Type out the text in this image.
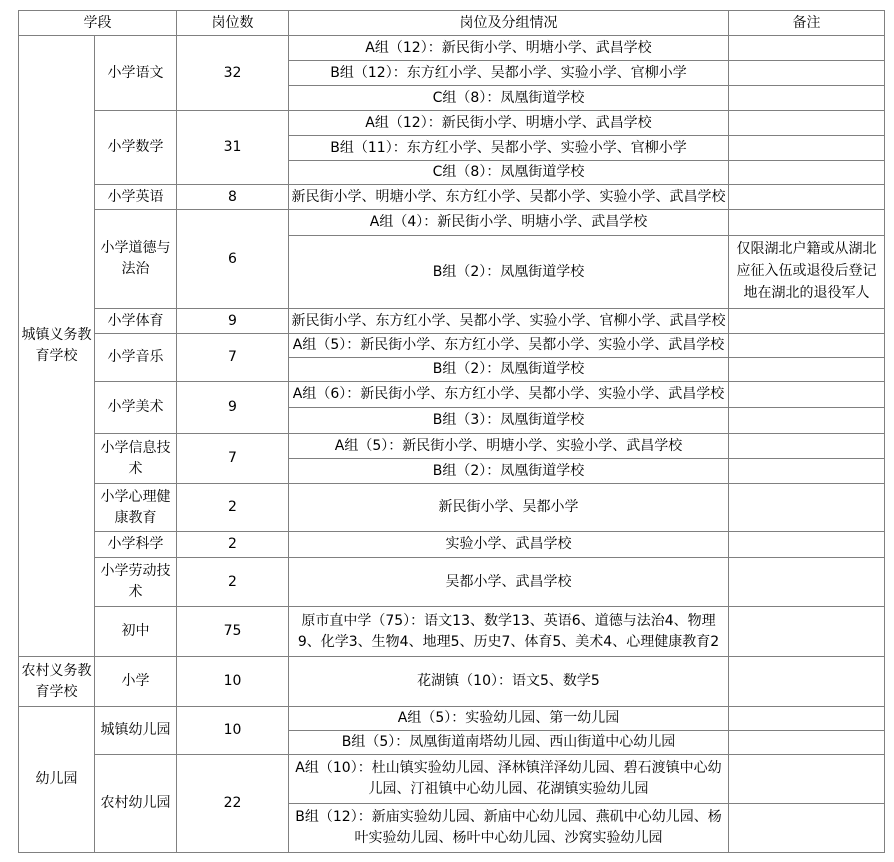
学段		岗位数	岗位及分组情况	备注
城镇义务教育学校	小学语文	32	A组（12）：新民街小学、明塘小学、武昌学校	
			B组（12）：东方红小学、吴都小学、实验小学、官柳小学	
			C组（8）：凤凰街道学校	
	小学数学	31	A组（12）：新民街小学、明塘小学、武昌学校	
			B组（11）：东方红小学、吴都小学、实验小学、官柳小学	
			C组（8）：凤凰街道学校	
	小学英语	8	新民街小学、明塘小学、东方红小学、吴都小学、实验小学、武昌学校	
	小学道德与法治	6	A组（4）：新民街小学、明塘小学、武昌学校	
			B组（2）：凤凰街道学校	仅限湖北户籍或从湖北应征入伍或退役后登记地在湖北的退役军人
	小学体育	9	新民街小学、东方红小学、吴都小学、实验小学、官柳小学、武昌学校	
	小学音乐	7	A组（5）：新民街小学、东方红小学、吴都小学、实验小学、武昌学校	
			B组（2）：凤凰街道学校	
	小学美术	9	A组（6）：新民街小学、东方红小学、吴都小学、实验小学、武昌学校	
			B组（3）：凤凰街道学校	
	小学信息技术	7	A组（5）：新民街小学、明塘小学、实验小学、武昌学校	
			B组（2）：凤凰街道学校	
	小学心理健康教育	2	新民街小学、吴都小学	
	小学科学	2	实验小学、武昌学校	
	小学劳动技术	2	吴都小学、武昌学校	
	初中	75	原市直中学（75）：语文13、数学13、英语6、道德与法治4、物理9、化学3、生物4、地理5、历史7、体育5、美术4、心理健康教育2	
农村义务教育学校	小学	10	花湖镇（10）：语文5、数学5	
幼儿园	城镇幼儿园	10	A组（5）：实验幼儿园、第一幼儿园	
			B组（5）：凤凰街道南塔幼儿园、西山街道中心幼儿园	
	农村幼儿园	22	A组（10）：杜山镇实验幼儿园、泽林镇洋泽幼儿园、碧石渡镇中心幼儿园、汀祖镇中心幼儿园、花湖镇实验幼儿园	
			B组（12）：新庙实验幼儿园、新庙中心幼儿园、燕矶中心幼儿园、杨叶实验幼儿园、杨叶中心幼儿园、沙窝实验幼儿园	
